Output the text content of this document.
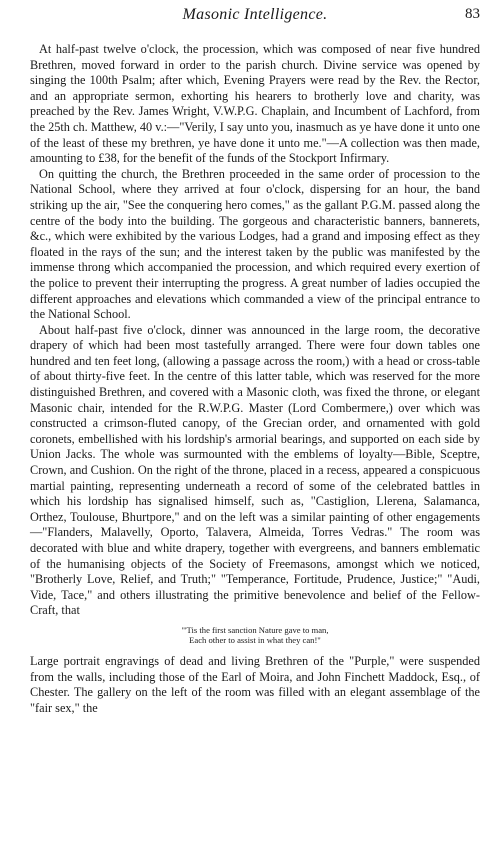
Masonic Intelligence.	83

At half-past twelve o'clock, the procession, which was composed of near five hundred Brethren, moved forward in order to the parish church. Divine service was opened by singing the 100th Psalm; after which, Evening Prayers were read by the Rev. the Rector, and an appropriate sermon, exhorting his hearers to brotherly love and charity, was preached by the Rev. James Wright, V.W.P.G. Chaplain, and Incumbent of Lachford, from the 25th ch. Matthew, 40 v.:—"Verily, I say unto you, inasmuch as ye have done it unto one of the least of these my brethren, ye have done it unto me."—A collection was then made, amounting to £38, for the benefit of the funds of the Stockport Infirmary.

On quitting the church, the Brethren proceeded in the same order of procession to the National School, where they arrived at four o'clock, dispersing for an hour, the band striking up the air, "See the conquering hero comes," as the gallant P.G.M. passed along the centre of the body into the building. The gorgeous and characteristic banners, bannerets, &c., which were exhibited by the various Lodges, had a grand and imposing effect as they floated in the rays of the sun; and the interest taken by the public was manifested by the immense throng which accompanied the procession, and which required every exertion of the police to prevent their interrupting the progress. A great number of ladies occupied the different approaches and elevations which commanded a view of the principal entrance to the National School.

About half-past five o'clock, dinner was announced in the large room, the decorative drapery of which had been most tastefully arranged. There were four down tables one hundred and ten feet long, (allowing a passage across the room,) with a head or cross-table of about thirty-five feet. In the centre of this latter table, which was reserved for the more distinguished Brethren, and covered with a Masonic cloth, was fixed the throne, or elegant Masonic chair, intended for the R.W.P.G. Master (Lord Combermere,) over which was constructed a crimson-fluted canopy, of the Grecian order, and ornamented with gold coronets, embellished with his lordship's armorial bearings, and supported on each side by Union Jacks. The whole was surmounted with the emblems of loyalty—Bible, Sceptre, Crown, and Cushion. On the right of the throne, placed in a recess, appeared a conspicuous martial painting, representing underneath a record of some of the celebrated battles in which his lordship has signalised himself, such as, "Castiglion, Llerena, Salamanca, Orthez, Toulouse, Bhurtpore," and on the left was a similar painting of other engagements—"Flanders, Malavelly, Oporto, Talavera, Almeida, Torres Vedras." The room was decorated with blue and white drapery, together with evergreens, and banners emblematic of the humanising objects of the Society of Freemasons, amongst which we noticed, "Brotherly Love, Relief, and Truth;" "Temperance, Fortitude, Prudence, Justice;" "Audi, Vide, Tace," and others illustrating the primitive benevolence and belief of the Fellow-Craft, that

"'Tis the first sanction Nature gave to man,
Each other to assist in what they can!"

Large portrait engravings of dead and living Brethren of the "Purple," were suspended from the walls, including those of the Earl of Moira, and John Finchett Maddock, Esq., of Chester. The gallery on the left of the room was filled with an elegant assemblage of the "fair sex," the
